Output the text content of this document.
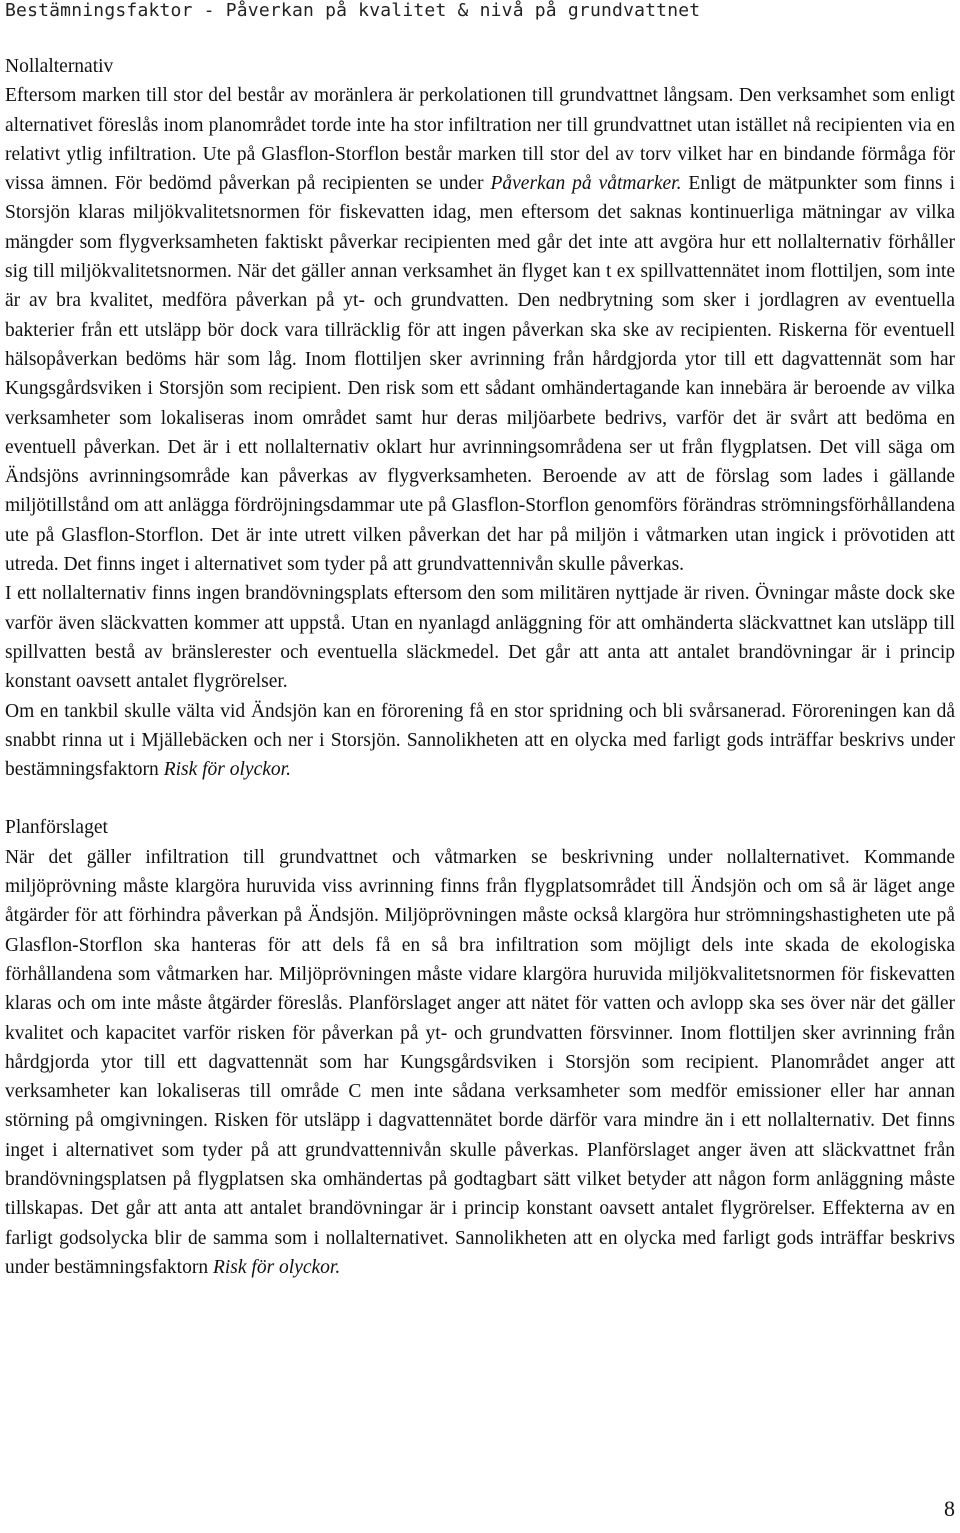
Bestämningsfaktor - Påverkan på kvalitet & nivå på grundvattnet
Nollalternativ

Eftersom marken till stor del består av moränlera är perkolationen till grundvattnet långsam. Den verksamhet som enligt alternativet föreslås inom planområdet torde inte ha stor infiltration ner till grundvattnet utan istället nå recipienten via en relativt ytlig infiltration. Ute på Glasflon-Storflon består marken till stor del av torv vilket har en bindande förmåga för vissa ämnen. För bedömd påverkan på recipienten se under Påverkan på våtmarker. Enligt de mätpunkter som finns i Storsjön klaras miljökvalitetsnormen för fiskevatten idag, men eftersom det saknas kontinuerliga mätningar av vilka mängder som flygverksamheten faktiskt påverkar recipienten med går det inte att avgöra hur ett nollalternativ förhåller sig till miljökvalitetsnormen. När det gäller annan verksamhet än flyget kan t ex spillvattennätet inom flottiljen, som inte är av bra kvalitet, medföra påverkan på yt- och grundvatten. Den nedbrytning som sker i jordlagren av eventuella bakterier från ett utsläpp bör dock vara tillräcklig för att ingen påverkan ska ske av recipienten. Riskerna för eventuell hälsopåverkan bedöms här som låg. Inom flottiljen sker avrinning från hårdgjorda ytor till ett dagvattennät som har Kungsgårdsviken i Storsjön som recipient. Den risk som ett sådant omhändertagande kan innebära är beroende av vilka verksamheter som lokaliseras inom området samt hur deras miljöarbete bedrivs, varför det är svårt att bedöma en eventuell påverkan. Det är i ett nollalternativ oklart hur avrinningsområdena ser ut från flygplatsen. Det vill säga om Ändsjöns avrinningsområde kan påverkas av flygverksamheten. Beroende av att de förslag som lades i gällande miljötillstånd om att anlägga fördröjningsdammar ute på Glasflon-Storflon genomförs förändras strömningsförhållandena ute på Glasflon-Storflon. Det är inte utrett vilken påverkan det har på miljön i våtmarken utan ingick i prövotiden att utreda. Det finns inget i alternativet som tyder på att grundvattennivån skulle påverkas.

I ett nollalternativ finns ingen brandövningsplats eftersom den som militären nyttjade är riven. Övningar måste dock ske varför även släckvatten kommer att uppstå. Utan en nyanlagd anläggning för att omhänderta släckvattnet kan utsläpp till spillvatten bestå av bränslerester och eventuella släckmedel. Det går att anta att antalet brandövningar är i princip konstant oavsett antalet flygrörelser.

Om en tankbil skulle välta vid Ändsjön kan en förorening få en stor spridning och bli svårsanerad. Föroreningen kan då snabbt rinna ut i Mjällebäcken och ner i Storsjön. Sannolikheten att en olycka med farligt gods inträffar beskrivs under bestämningsfaktorn Risk för olyckor.

Planförslaget

När det gäller infiltration till grundvattnet och våtmarken se beskrivning under nollalternativet. Kommande miljöprövning måste klargöra huruvida viss avrinning finns från flygplatsområdet till Ändsjön och om så är läget ange åtgärder för att förhindra påverkan på Ändsjön. Miljöprövningen måste också klargöra hur strömningshastigheten ute på Glasflon-Storflon ska hanteras för att dels få en så bra infiltration som möjligt dels inte skada de ekologiska förhållandena som våtmarken har. Miljöprövningen måste vidare klargöra huruvida miljökvalitetsnormen för fiskevatten klaras och om inte måste åtgärder föreslås. Planförslaget anger att nätet för vatten och avlopp ska ses över när det gäller kvalitet och kapacitet varför risken för påverkan på yt- och grundvatten försvinner. Inom flottiljen sker avrinning från hårdgjorda ytor till ett dagvattennät som har Kungsgårdsviken i Storsjön som recipient. Planområdet anger att verksamheter kan lokaliseras till område C men inte sådana verksamheter som medför emissioner eller har annan störning på omgivningen. Risken för utsläpp i dagvattennätet borde därför vara mindre än i ett nollalternativ. Det finns inget i alternativet som tyder på att grundvattennivån skulle påverkas. Planförslaget anger även att släckvattnet från brandövningsplatsen på flygplatsen ska omhändertas på godtagbart sätt vilket betyder att någon form anläggning måste tillskapas. Det går att anta att antalet brandövningar är i princip konstant oavsett antalet flygrörelser. Effekterna av en farligt godsolycka blir de samma som i nollalternativet. Sannolikheten att en olycka med farligt gods inträffar beskrivs under bestämningsfaktorn Risk för olyckor.

8
